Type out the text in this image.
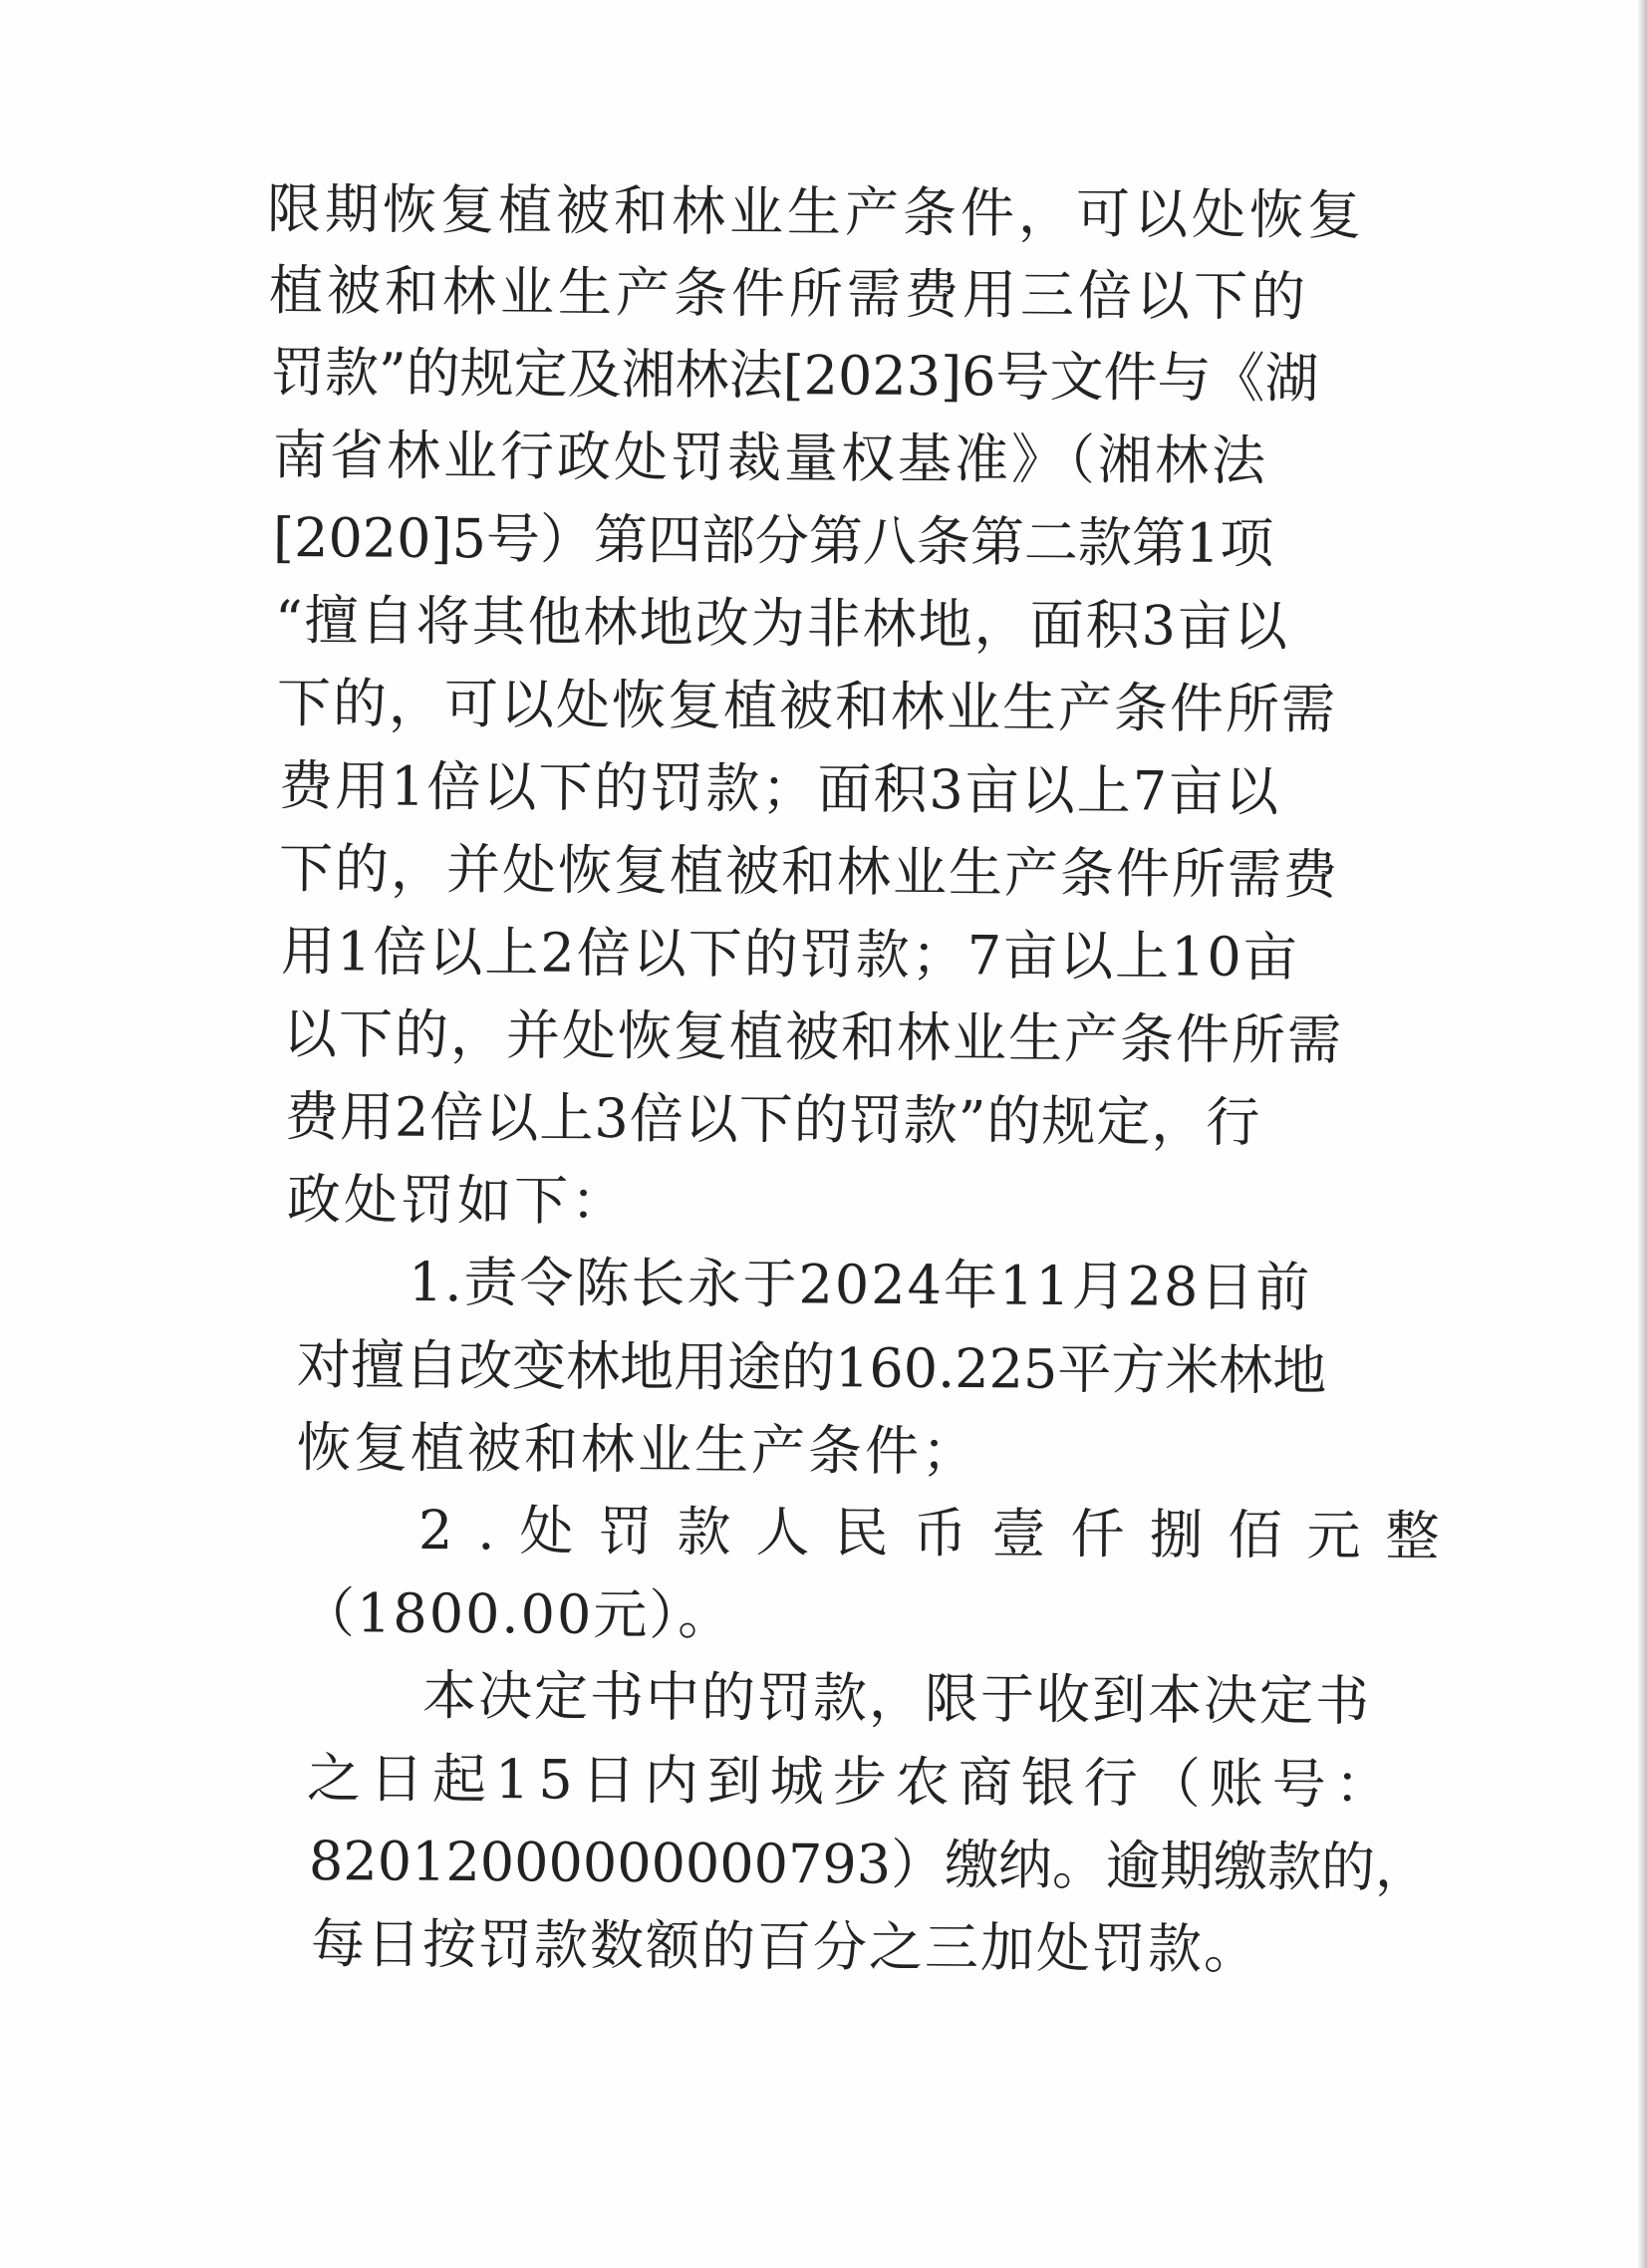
限期恢复植被和林业生产条件，可以处恢复
植被和林业生产条件所需费用三倍以下的
罚款”的规定及湘林法[2023]6号文件与《湖
南省林业行政处罚裁量权基准》（湘林法
[2020]5号）第四部分第八条第二款第1项
“擅自将其他林地改为非林地，面积3亩以
下的，可以处恢复植被和林业生产条件所需
费用1倍以下的罚款；面积3亩以上7亩以
下的，并处恢复植被和林业生产条件所需费
用1倍以上2倍以下的罚款；7亩以上10亩
以下的，并处恢复植被和林业生产条件所需
费用2倍以上3倍以下的罚款”的规定，行
政处罚如下：
1.责令陈长永于2024年11月28日前
对擅自改变林地用途的160.225平方米林地
恢复植被和林业生产条件；
2.处罚款人民币壹仟捌佰元整
（1800.00元）。
本决定书中的罚款，限于收到本决定书
之日起15日内到城步农商银行（账号：
82012000000000793）缴纳。逾期缴款的，
每日按罚款数额的百分之三加处罚款。
